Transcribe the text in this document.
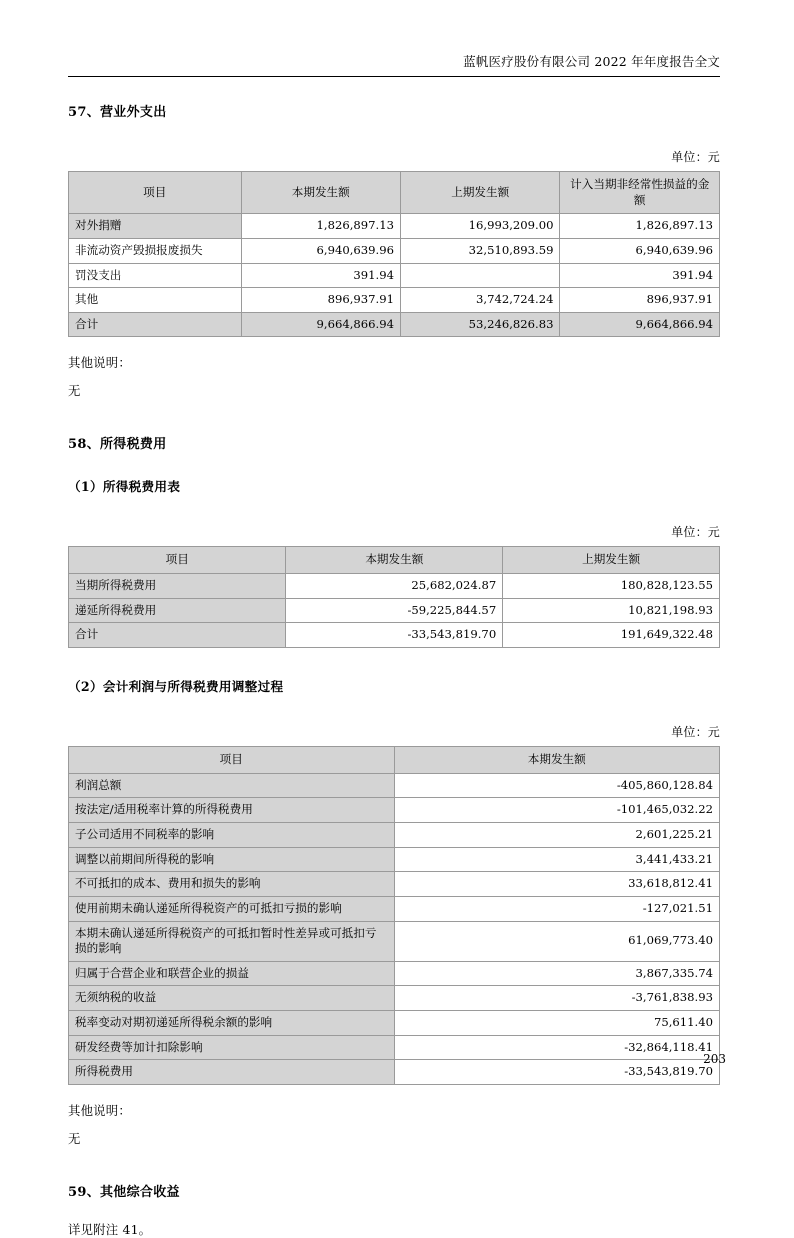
蓝帆医疗股份有限公司 2022 年年度报告全文
57、营业外支出
单位：元
项目	本期发生额	上期发生额	计入当期非经常性损益的金额
对外捐赠	1,826,897.13	16,993,209.00	1,826,897.13
非流动资产毁损报废损失	6,940,639.96	32,510,893.59	6,940,639.96
罚没支出	391.94		391.94
其他	896,937.91	3,742,724.24	896,937.91
合计	9,664,866.94	53,246,826.83	9,664,866.94
其他说明：
无
58、所得税费用
（1）所得税费用表
单位：元
项目	本期发生额	上期发生额
当期所得税费用	25,682,024.87	180,828,123.55
递延所得税费用	-59,225,844.57	10,821,198.93
合计	-33,543,819.70	191,649,322.48
（2）会计利润与所得税费用调整过程
单位：元
项目	本期发生额
利润总额	-405,860,128.84
按法定/适用税率计算的所得税费用	-101,465,032.22
子公司适用不同税率的影响	2,601,225.21
调整以前期间所得税的影响	3,441,433.21
不可抵扣的成本、费用和损失的影响	33,618,812.41
使用前期未确认递延所得税资产的可抵扣亏损的影响	-127,021.51
本期未确认递延所得税资产的可抵扣暂时性差异或可抵扣亏损的影响	61,069,773.40
归属于合营企业和联营企业的损益	3,867,335.74
无须纳税的收益	-3,761,838.93
税率变动对期初递延所得税余额的影响	75,611.40
研发经费等加计扣除影响	-32,864,118.41
所得税费用	-33,543,819.70
其他说明：
无
59、其他综合收益
详见附注 41。
203
